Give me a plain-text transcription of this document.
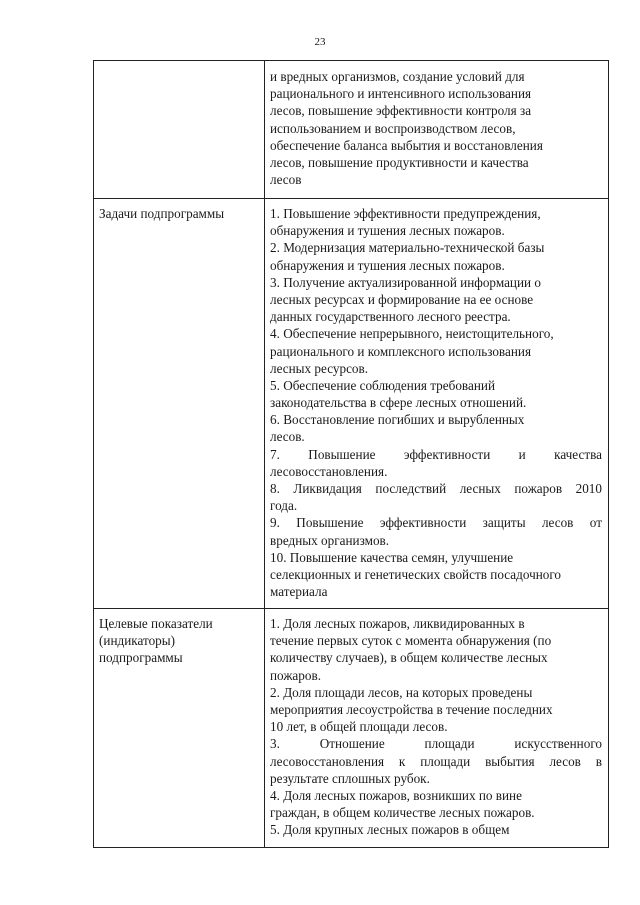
23
и вредных организмов, создание условий для
рационального и интенсивного использования
лесов, повышение эффективности контроля за
использованием и воспроизводством лесов,
обеспечение баланса выбытия и восстановления
лесов, повышение продуктивности и качества
лесов
Задачи подпрограммы	1. Повышение эффективности предупреждения,
обнаружения и тушения лесных пожаров.
2. Модернизация материально-технической базы
обнаружения и тушения лесных пожаров.
3. Получение актуализированной информации о
лесных ресурсах и формирование на ее основе
данных государственного лесного реестра.
4. Обеспечение непрерывного, неистощительного,
рационального и комплексного использования
лесных ресурсов.
5. Обеспечение соблюдения требований
законодательства в сфере лесных отношений.
6. Восстановление погибших и вырубленных
лесов.
7. Повышение эффективности и качества
лесовосстановления.
8. Ликвидация последствий лесных пожаров 2010
года.
9. Повышение эффективности защиты лесов от
вредных организмов.
10. Повышение качества семян, улучшение
селекционных и генетических свойств посадочного
материала
Целевые показатели
(индикаторы)
подпрограммы
1. Доля лесных пожаров, ликвидированных в
течение первых суток с момента обнаружения (по
количеству случаев), в общем количестве лесных
пожаров.
2. Доля площади лесов, на которых проведены
мероприятия лесоустройства в течение последних
10 лет, в общей площади лесов.
3. Отношение площади искусственного
лесовосстановления к площади выбытия лесов в
результате сплошных рубок.
4. Доля лесных пожаров, возникших по вине
граждан, в общем количестве лесных пожаров.
5. Доля крупных лесных пожаров в общем
